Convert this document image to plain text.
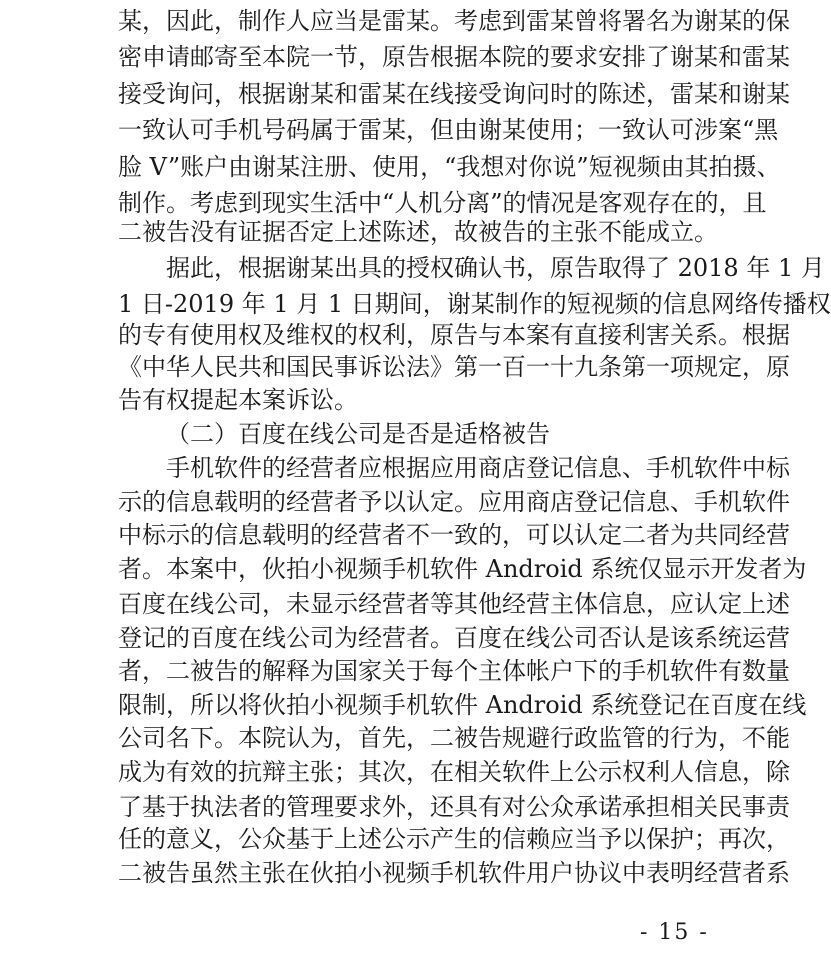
某，因此，制作人应当是雷某。考虑到雷某曾将署名为谢某的保
密申请邮寄至本院一节，原告根据本院的要求安排了谢某和雷某
接受询问，根据谢某和雷某在线接受询问时的陈述，雷某和谢某
一致认可手机号码属于雷某，但由谢某使用；一致认可涉案“黑
脸 V”账户由谢某注册、使用，“我想对你说”短视频由其拍摄、
制作。考虑到现实生活中“人机分离”的情况是客观存在的，且
二被告没有证据否定上述陈述，故被告的主张不能成立。
据此，根据谢某出具的授权确认书，原告取得了 2018 年 1 月
1 日-2019 年 1 月 1 日期间，谢某制作的短视频的信息网络传播权
的专有使用权及维权的权利，原告与本案有直接利害关系。根据
《中华人民共和国民事诉讼法》第一百一十九条第一项规定，原
告有权提起本案诉讼。
（二）百度在线公司是否是适格被告
手机软件的经营者应根据应用商店登记信息、手机软件中标
示的信息载明的经营者予以认定。应用商店登记信息、手机软件
中标示的信息载明的经营者不一致的，可以认定二者为共同经营
者。本案中，伙拍小视频手机软件 Android 系统仅显示开发者为
百度在线公司，未显示经营者等其他经营主体信息，应认定上述
登记的百度在线公司为经营者。百度在线公司否认是该系统运营
者，二被告的解释为国家关于每个主体帐户下的手机软件有数量
限制，所以将伙拍小视频手机软件 Android 系统登记在百度在线
公司名下。本院认为，首先，二被告规避行政监管的行为，不能
成为有效的抗辩主张；其次，在相关软件上公示权利人信息，除
了基于执法者的管理要求外，还具有对公众承诺承担相关民事责
任的意义，公众基于上述公示产生的信赖应当予以保护；再次，
二被告虽然主张在伙拍小视频手机软件用户协议中表明经营者系
- 15 -
